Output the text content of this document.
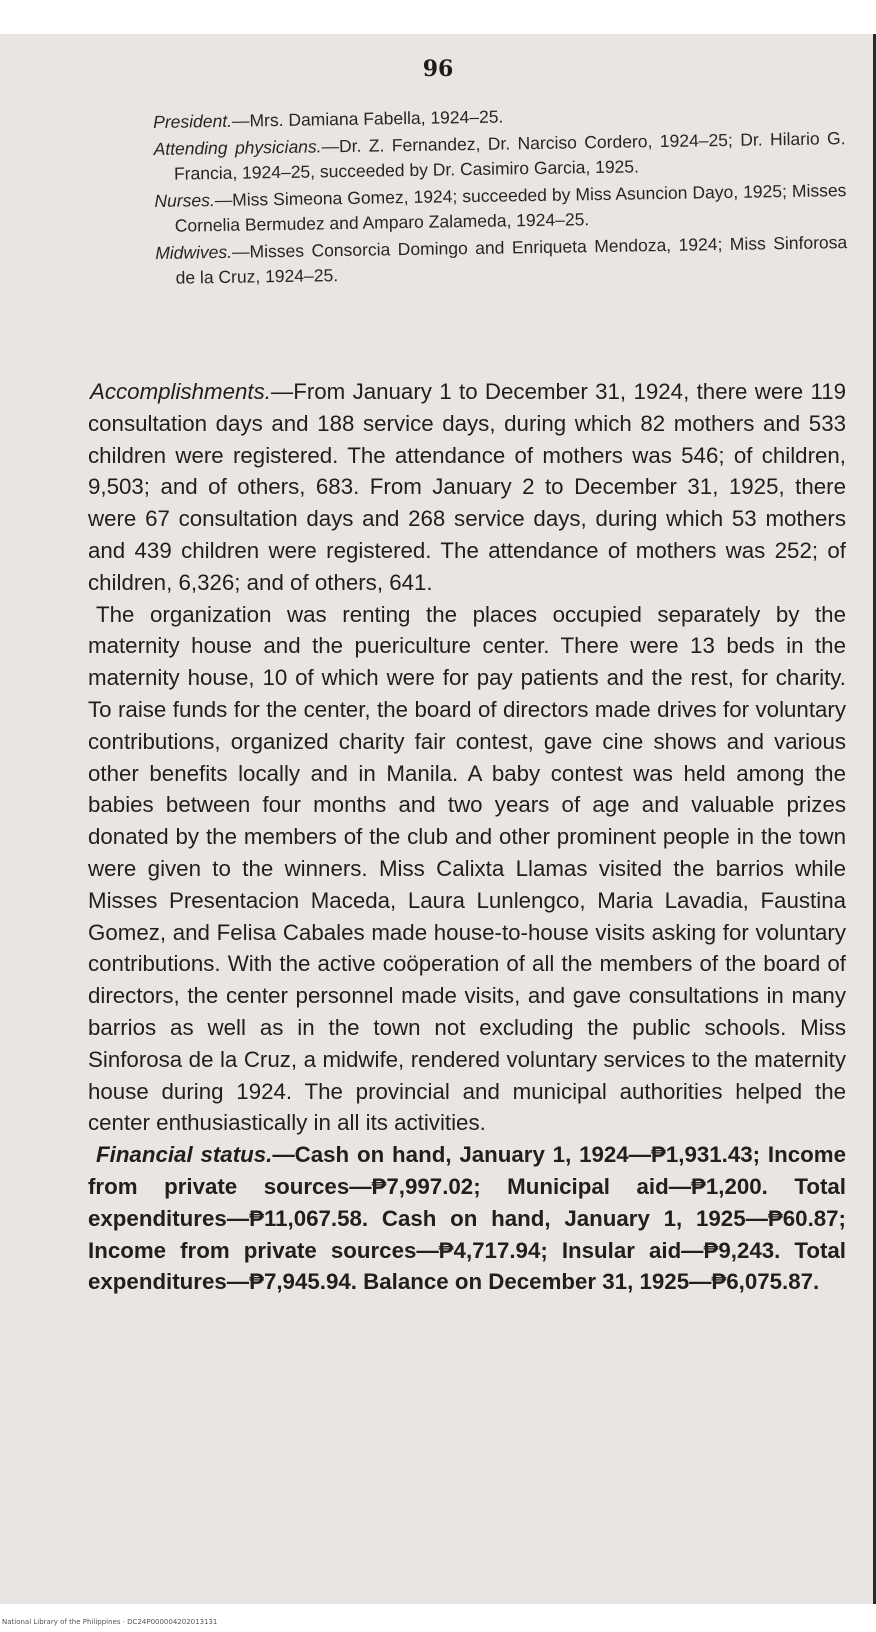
96
President.—Mrs. Damiana Fabella, 1924–25.
Attending physicians.—Dr. Z. Fernandez, Dr. Narciso Cordero, 1924–25; Dr. Hilario G. Francia, 1924–25, succeeded by Dr. Casimiro Garcia, 1925.
Nurses.—Miss Simeona Gomez, 1924; succeeded by Miss Asuncion Dayo, 1925; Misses Cornelia Bermudez and Amparo Zalameda, 1924–25.
Midwives.—Misses Consorcia Domingo and Enriqueta Mendoza, 1924; Miss Sinforosa de la Cruz, 1924–25.

Accomplishments.—From January 1 to December 31, 1924, there were 119 consultation days and 188 service days, during which 82 mothers and 533 children were registered. The attendance of mothers was 546; of children, 9,503; and of others, 683. From January 2 to December 31, 1925, there were 67 consultation days and 268 service days, during which 53 mothers and 439 children were registered. The attendance of mothers was 252; of children, 6,326; and of others, 641.

The organization was renting the places occupied separately by the maternity house and the puericulture center. There were 13 beds in the maternity house, 10 of which were for pay patients and the rest, for charity. To raise funds for the center, the board of directors made drives for voluntary contributions, organized charity fair contest, gave cine shows and various other benefits locally and in Manila. A baby contest was held among the babies between four months and two years of age and valuable prizes donated by the members of the club and other prominent people in the town were given to the winners. Miss Calixta Llamas visited the barrios while Misses Presentacion Maceda, Laura Lunlengco, Maria Lavadia, Faustina Gomez, and Felisa Cabales made house-to-house visits asking for voluntary contributions. With the active coöperation of all the members of the board of directors, the center personnel made visits, and gave consultations in many barrios as well as in the town not excluding the public schools. Miss Sinforosa de la Cruz, a midwife, rendered voluntary services to the maternity house during 1924. The provincial and municipal authorities helped the center enthusiastically in all its activities.

Financial status.—Cash on hand, January 1, 1924—₱1,931.43; Income from private sources—₱7,997.02; Municipal aid—₱1,200. Total expenditures—₱11,067.58. Cash on hand, January 1, 1925—₱60.87; Income from private sources—₱4,717.94; Insular aid—₱9,243. Total expenditures—₱7,945.94. Balance on December 31, 1925—₱6,075.87.

National Library of the Philippines · DC24P000004202013131
